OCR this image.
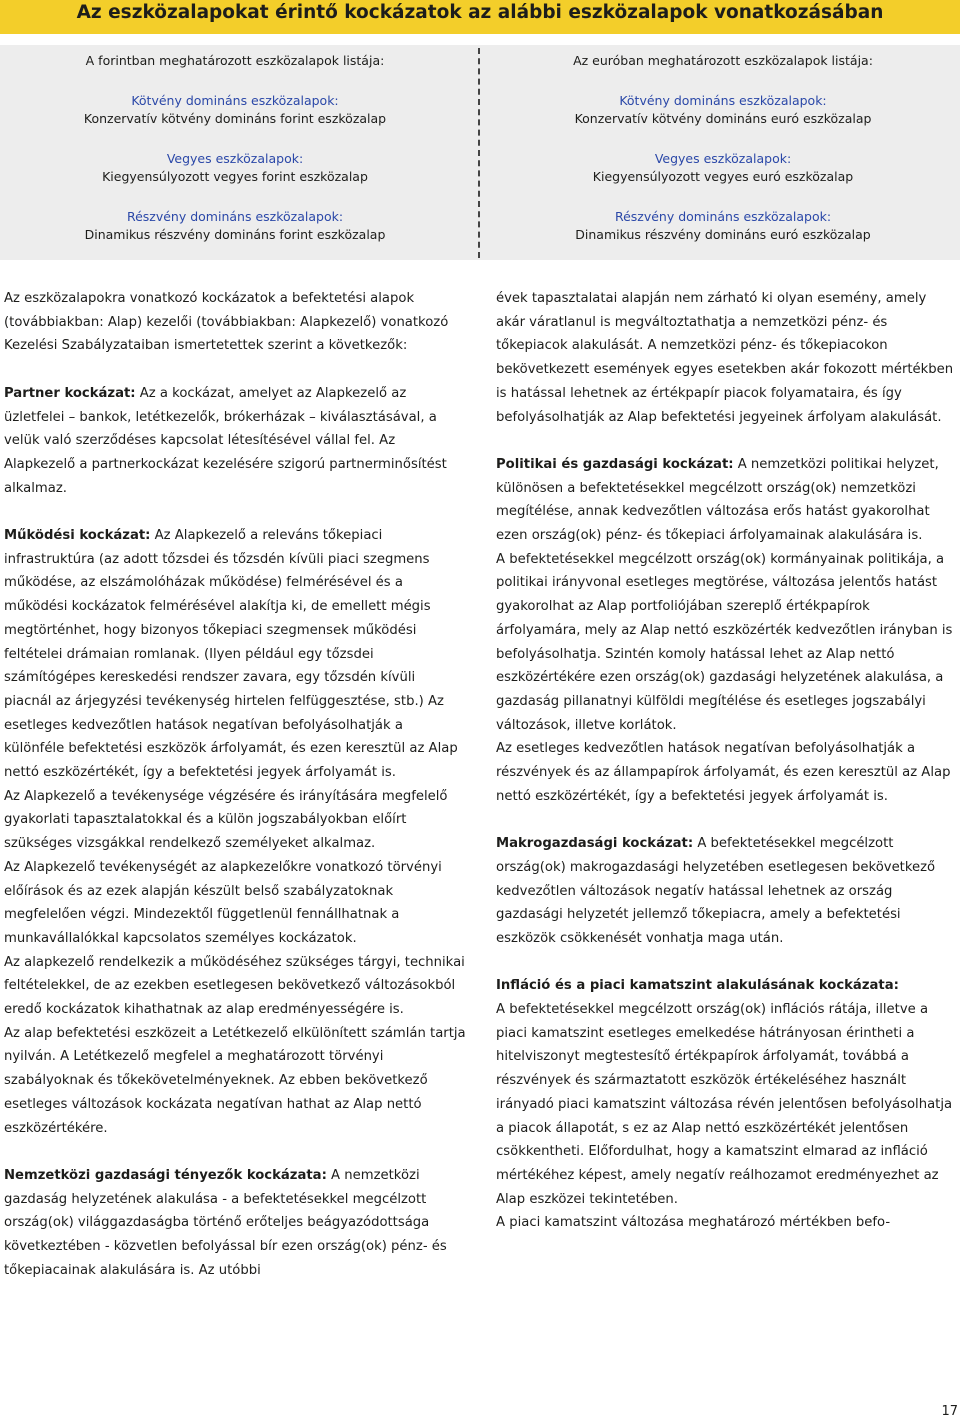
Az eszközalapokat érintő kockázatok az alábbi eszközalapok vonatkozásában

A forintban meghatározott eszközalapok listája:

Kötvény domináns eszközalapok:
Konzervatív kötvény domináns forint eszközalap
Vegyes eszközalapok:
Kiegyensúlyozott vegyes forint eszközalap
Részvény domináns eszközalapok:
Dinamikus részvény domináns forint eszközalap

Az euróban meghatározott eszközalapok listája:

Kötvény domináns eszközalapok:
Konzervatív kötvény domináns euró eszközalap
Vegyes eszközalapok:
Kiegyensúlyozott vegyes euró eszközalap
Részvény domináns eszközalapok:
Dinamikus részvény domináns euró eszközalap

Az eszközalapokra vonatkozó kockázatok a befektetési alapok (továbbiakban: Alap) kezelői (továbbiakban: Alapkezelő) vonatkozó Kezelési Szabályzataiban ismertetettek szerint a következők:

Partner kockázat: Az a kockázat, amelyet az Alapkezelő az üzletfelei – bankok, letétkezelők, brókerházak – kiválasztásával, a velük való szerződéses kapcsolat létesítésével vállal fel. Az Alapkezelő a partnerkockázat kezelésére szigorú partnerminősítést alkalmaz.

Működési kockázat: Az Alapkezelő a releváns tőkepiaci infrastruktúra (az adott tőzsdei és tőzsdén kívüli piaci szegmens működése, az elszámolóházak működése) felmérésével és a működési kockázatok felmérésével alakítja ki, de emellett mégis megtörténhet, hogy bizonyos tőkepiaci szegmensek működési feltételei drámaian romlanak. (Ilyen például egy tőzsdei számítógépes kereskedési rendszer zavara, egy tőzsdén kívüli piacnál az árjegyzési tevékenység hirtelen felfüggesztése, stb.) Az esetleges kedvezőtlen hatások negatívan befolyásolhatják a különféle befektetési eszközök árfolyamát, és ezen keresztül az Alap nettó eszközértékét, így a befektetési jegyek árfolyamát is.

Az Alapkezelő a tevékenysége végzésére és irányítására megfelelő gyakorlati tapasztalatokkal és a külön jogszabályokban előírt szükséges vizsgákkal rendelkező személyeket alkalmaz.

Az Alapkezelő tevékenységét az alapkezelőkre vonatkozó törvényi előírások és az ezek alapján készült belső szabályzatoknak megfelelően végzi. Mindezektől függetlenül fennállhatnak a munkavállalókkal kapcsolatos személyes kockázatok.

Az alapkezelő rendelkezik a működéséhez szükséges tárgyi, technikai feltételekkel, de az ezekben esetlegesen bekövetkező változásokból eredő kockázatok kihathatnak az alap eredményességére is.

Az alap befektetési eszközeit a Letétkezelő elkülönített számlán tartja nyilván. A Letétkezelő megfelel a meghatározott törvényi szabályoknak és tőkekövetelményeknek. Az ebben bekövetkező esetleges változások kockázata negatívan hathat az Alap nettó eszközértékére.

Nemzetközi gazdasági tényezők kockázata: A nemzetközi gazdaság helyzetének alakulása - a befektetésekkel megcélzott ország(ok) világgazdaságba történő erőteljes beágyazódottsága következtében - közvetlen befolyással bír ezen ország(ok) pénz- és tőkepiacainak alakulására is. Az utóbbi

évek tapasztalatai alapján nem zárható ki olyan esemény, amely akár váratlanul is megváltoztathatja a nemzetközi pénz- és tőkepiacok alakulását. A nemzetközi pénz- és tőkepiacokon bekövetkezett események egyes esetekben akár fokozott mértékben is hatással lehetnek az értékpapír piacok folyamataira, és így befolyásolhatják az Alap befektetési jegyeinek árfolyam alakulását.

Politikai és gazdasági kockázat: A nemzetközi politikai helyzet, különösen a befektetésekkel megcélzott ország(ok) nemzetközi megítélése, annak kedvezőtlen változása erős hatást gyakorolhat ezen ország(ok) pénz- és tőkepiaci árfolyamainak alakulására is.

A befektetésekkel megcélzott ország(ok) kormányainak politikája, a politikai irányvonal esetleges megtörése, változása jelentős hatást gyakorolhat az Alap portfoliójában szereplő értékpapírok árfolyamára, mely az Alap nettó eszközérték kedvezőtlen irányban is befolyásolhatja. Szintén komoly hatással lehet az Alap nettó eszközértékére ezen ország(ok) gazdasági helyzetének alakulása, a gazdaság pillanatnyi külföldi megítélése és esetleges jogszabályi változások, illetve korlátok.

Az esetleges kedvezőtlen hatások negatívan befolyásolhatják a részvények és az állampapírok árfolyamát, és ezen keresztül az Alap nettó eszközértékét, így a befektetési jegyek árfolyamát is.

Makrogazdasági kockázat: A befektetésekkel megcélzott ország(ok) makrogazdasági helyzetében esetlegesen bekövetkező kedvezőtlen változások negatív hatással lehetnek az ország gazdasági helyzetét jellemző tőkepiacra, amely a befektetési eszközök csökkenését vonhatja maga után.

Infláció és a piaci kamatszint alakulásának kockázata:

A befektetésekkel megcélzott ország(ok) inflációs rátája, illetve a piaci kamatszint esetleges emelkedése hátrányosan érintheti a hitelviszonyt megtestesítő értékpapírok árfolyamát, továbbá a részvények és származtatott eszközök értékeléséhez használt irányadó piaci kamatszint változása révén jelentősen befolyásolhatja a piacok állapotát, s ez az Alap nettó eszközértékét jelentősen csökkentheti. Előfordulhat, hogy a kamatszint elmarad az infláció mértékéhez képest, amely negatív reálhozamot eredményezhet az Alap eszközei tekintetében.

A piaci kamatszint változása meghatározó mértékben befo-

17
